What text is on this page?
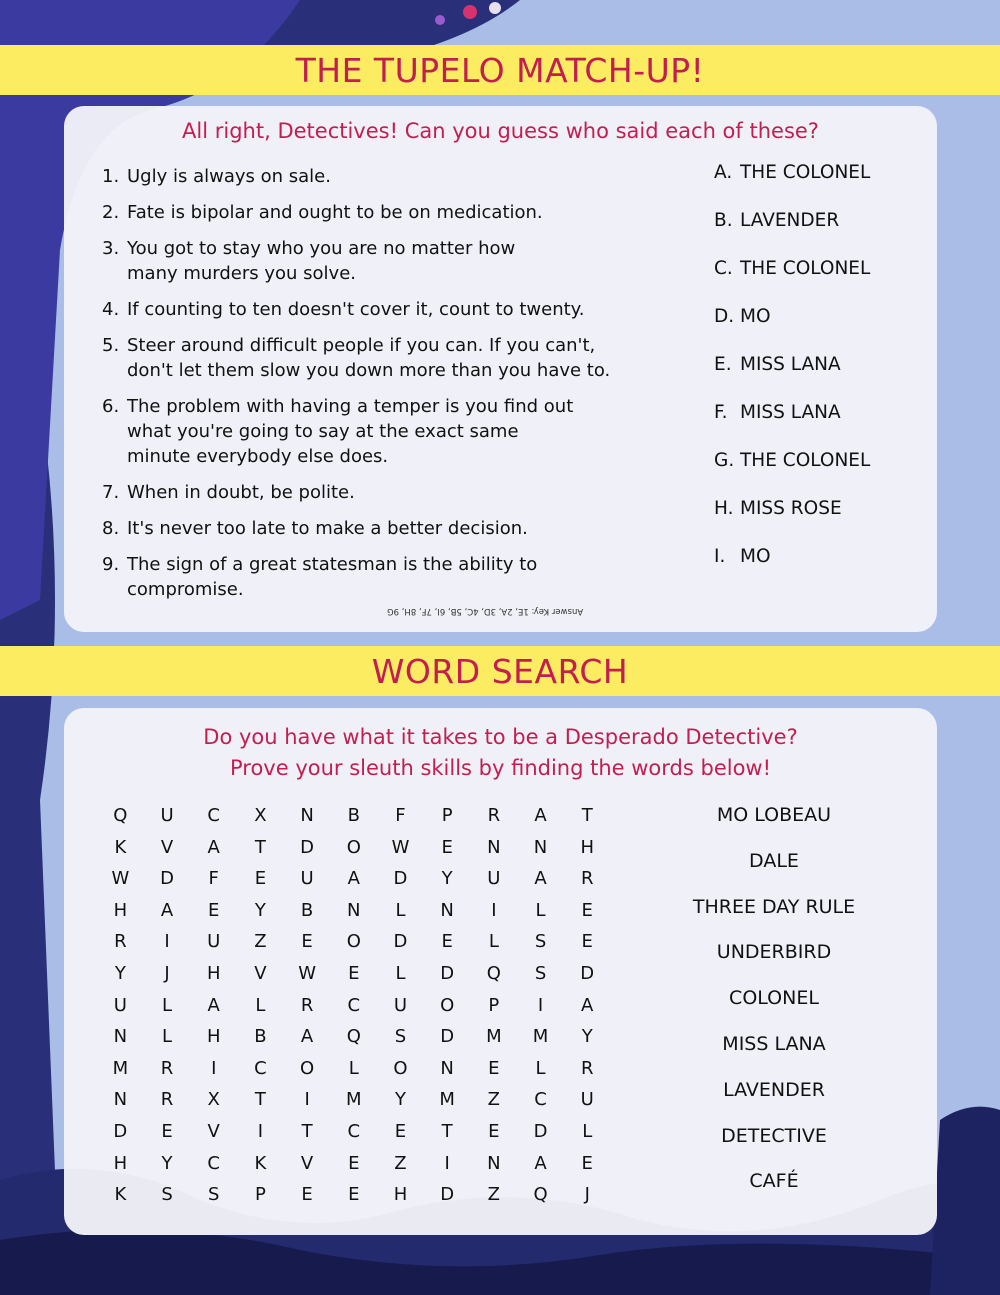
THE TUPELO MATCH-UP!

All right, Detectives! Can you guess who said each of these?

1. Ugly is always on sale.
2. Fate is bipolar and ought to be on medication.
3. You got to stay who you are no matter how
many murders you solve.
4. If counting to ten doesn't cover it, count to twenty.
5. Steer around difficult people if you can. If you can't,
don't let them slow you down more than you have to.
6. The problem with having a temper is you find out
what you're going to say at the exact same
minute everybody else does.
7. When in doubt, be polite.
8. It's never too late to make a better decision.
9. The sign of a great statesman is the ability to
compromise.
A. THE COLONEL
B. LAVENDER
C. THE COLONEL
D. MO
E. MISS LANA
F. MISS LANA
G. THE COLONEL
H. MISS ROSE
I. MO
Answer Key: 1E, 2A, 3D, 4C, 5B, 6I, 7F, 8H, 9G
WORD SEARCH

Do you have what it takes to be a Desperado Detective?

Prove your sleuth skills by finding the words below!

Q	U	C	X	N	B	F	P	R	A	T
K	V	A	T	D	O	W	E	N	N	H
W	D	F	E	U	A	D	Y	U	A	R
H	A	E	Y	B	N	L	N	I	L	E
R	I	U	Z	E	O	D	E	L	S	E
Y	J	H	V	W	E	L	D	Q	S	D
U	L	A	L	R	C	U	O	P	I	A
N	L	H	B	A	Q	S	D	M	M	Y
M	R	I	C	O	L	O	N	E	L	R
N	R	X	T	I	M	Y	M	Z	C	U
D	E	V	I	T	C	E	T	E	D	L
H	Y	C	K	V	E	Z	I	N	A	E
K	S	S	P	E	E	H	D	Z	Q	J
MO LOBEAU
DALE
THREE DAY RULE
UNDERBIRD
COLONEL
MISS LANA
LAVENDER
DETECTIVE
CAFÉ
